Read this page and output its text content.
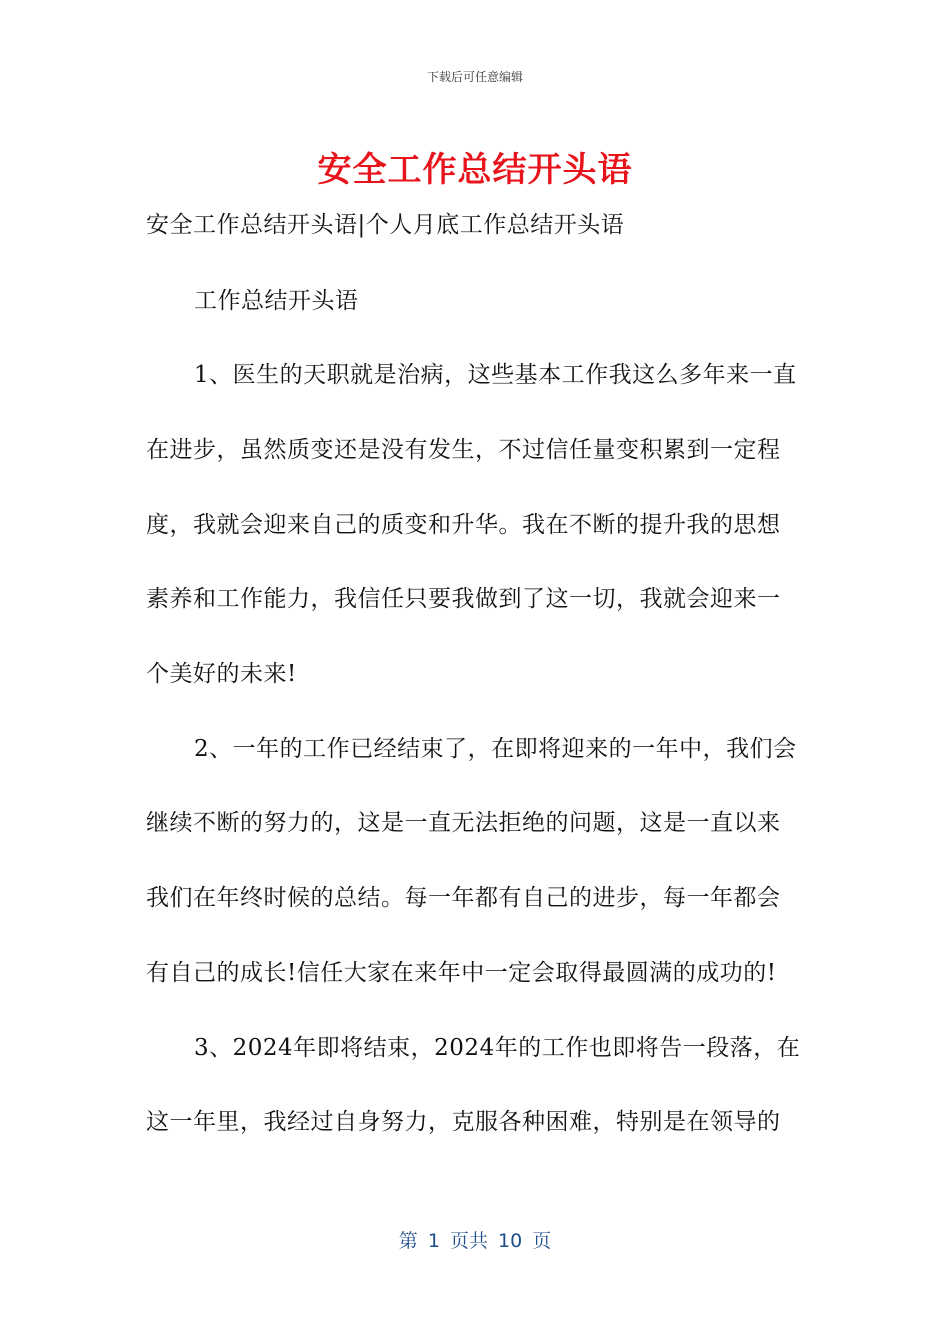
下载后可任意编辑
安全工作总结开头语
安全工作总结开头语|个人月底工作总结开头语
工作总结开头语
1、医生的天职就是治病，这些基本工作我这么多年来一直
在进步，虽然质变还是没有发生，不过信任量变积累到一定程
度，我就会迎来自己的质变和升华。我在不断的提升我的思想
素养和工作能力，我信任只要我做到了这一切，我就会迎来一
个美好的未来!
2、一年的工作已经结束了，在即将迎来的一年中，我们会
继续不断的努力的，这是一直无法拒绝的问题，这是一直以来
我们在年终时候的总结。每一年都有自己的进步，每一年都会
有自己的成长!信任大家在来年中一定会取得最圆满的成功的!
3、2024年即将结束，2024年的工作也即将告一段落，在
这一年里，我经过自身努力，克服各种困难，特别是在领导的
第 1 页共 10 页
